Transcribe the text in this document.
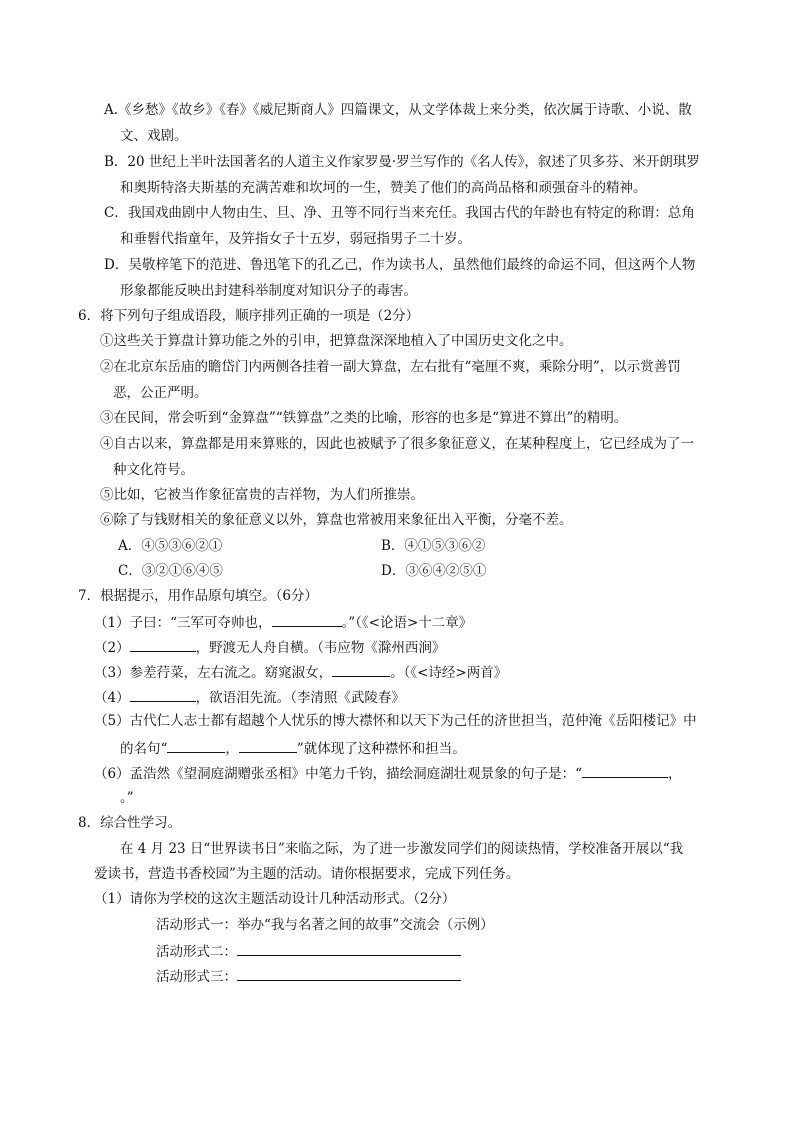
A.《乡愁》《故乡》《春》《威尼斯商人》四篇课文，从文学体裁上来分类，依次属于诗歌、小说、散
文、戏剧。
B．20 世纪上半叶法国著名的人道主义作家罗曼·罗兰写作的《名人传》，叙述了贝多芬、米开朗琪罗
和奥斯特洛夫斯基的充满苦难和坎坷的一生，赞美了他们的高尚品格和顽强奋斗的精神。
C．我国戏曲剧中人物由生、旦、净、丑等不同行当来充任。我国古代的年龄也有特定的称谓：总角
和垂髫代指童年，及笄指女子十五岁，弱冠指男子二十岁。
D．吴敬梓笔下的范进、鲁迅笔下的孔乙己，作为读书人，虽然他们最终的命运不同，但这两个人物
形象都能反映出封建科举制度对知识分子的毒害。
6．将下列句子组成语段，顺序排列正确的一项是（2分）
①这些关于算盘计算功能之外的引申，把算盘深深地植入了中国历史文化之中。
②在北京东岳庙的瞻岱门内两侧各挂着一副大算盘，左右批有“毫厘不爽，乘除分明”，以示赏善罚
恶，公正严明。
③在民间，常会听到“金算盘”“铁算盘”之类的比喻，形容的也多是“算进不算出”的精明。
④自古以来，算盘都是用来算账的，因此也被赋予了很多象征意义，在某种程度上，它已经成为了一
种文化符号。
⑤比如，它被当作象征富贵的吉祥物，为人们所推崇。
⑥除了与钱财相关的象征意义以外，算盘也常被用来象征出入平衡，分毫不差。
A．④⑤③⑥②①	B．④①⑤③⑥②
C．③②①⑥④⑤	D．③⑥④②⑤①
7．根据提示，用作品原句填空。（6分）
（1）子曰：“三军可夺帅也，	。”（《<论语>十二章》
（2）	，野渡无人舟自横。（韦应物《滁州西涧》
（3）参差荇菜，左右流之。窈窕淑女，	。（《<诗经>两首》
（4）	，欲语泪先流。（李清照《武陵春》
（5）古代仁人志士都有超越个人忧乐的博大襟怀和以天下为己任的济世担当，范仲淹《岳阳楼记》中
的名句“	，	”就体现了这种襟怀和担当。
（6）孟浩然《望洞庭湖赠张丞相》中笔力千钧，描绘洞庭湖壮观景象的句子是：“	，
。”
8．综合性学习。
在 4 月 23 日“世界读书日”来临之际，为了进一步激发同学们的阅读热情，学校准备开展以“我
爱读书，营造书香校园”为主题的活动。请你根据要求，完成下列任务。
（1）请你为学校的这次主题活动设计几种活动形式。（2分）
活动形式一：举办“我与名著之间的故事”交流会（示例）
活动形式二：
活动形式三：
